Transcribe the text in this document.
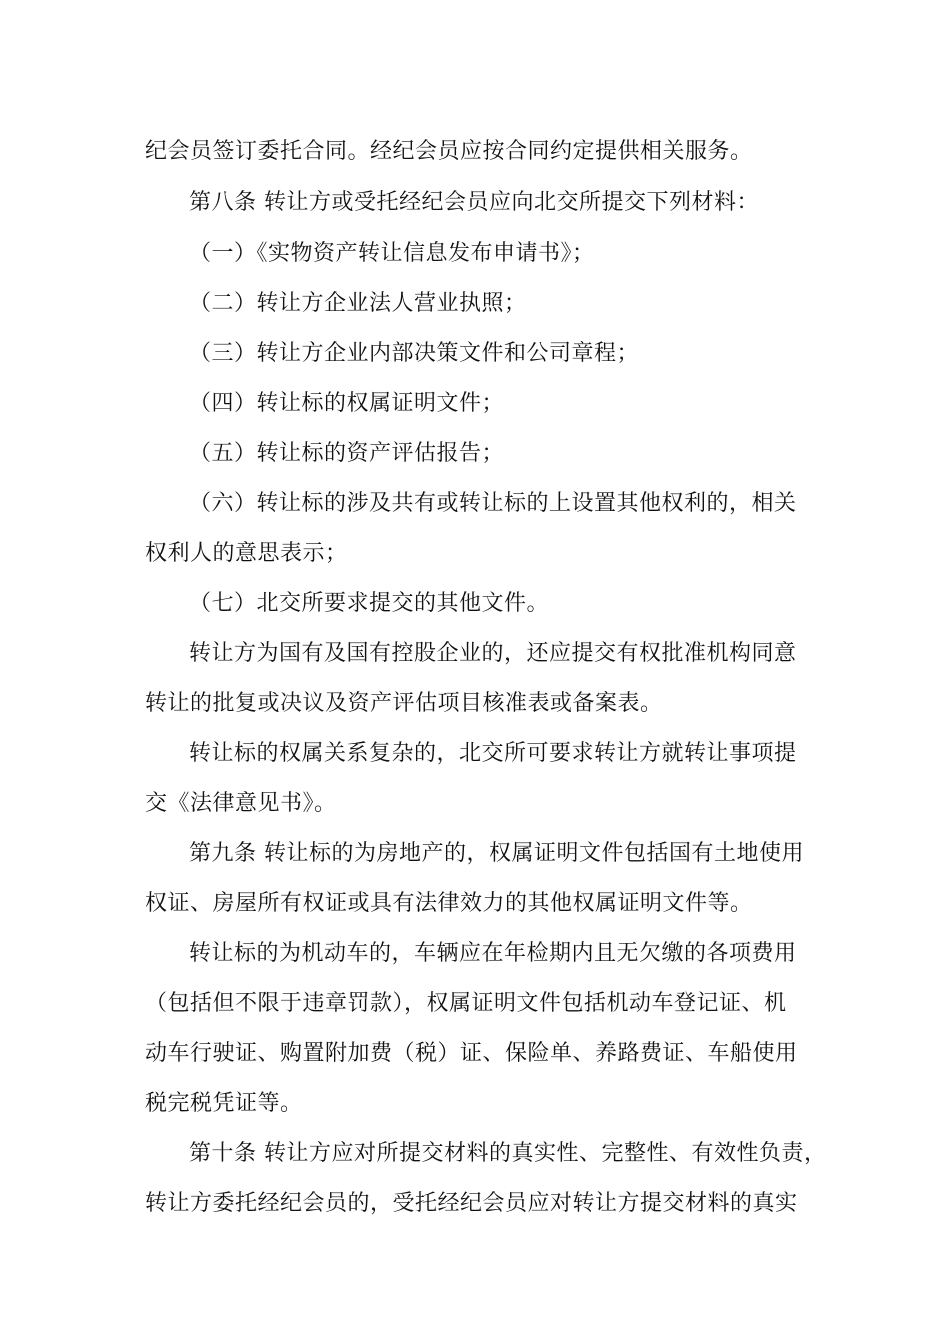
纪会员签订委托合同。经纪会员应按合同约定提供相关服务。
第八条 转让方或受托经纪会员应向北交所提交下列材料：
（一）《实物资产转让信息发布申请书》；
（二）转让方企业法人营业执照；
（三）转让方企业内部决策文件和公司章程；
（四）转让标的权属证明文件；
（五）转让标的资产评估报告；
（六）转让标的涉及共有或转让标的上设置其他权利的，相关
权利人的意思表示；
（七）北交所要求提交的其他文件。
转让方为国有及国有控股企业的，还应提交有权批准机构同意
转让的批复或决议及资产评估项目核准表或备案表。
转让标的权属关系复杂的，北交所可要求转让方就转让事项提
交《法律意见书》。
第九条 转让标的为房地产的，权属证明文件包括国有土地使用
权证、房屋所有权证或具有法律效力的其他权属证明文件等。
转让标的为机动车的，车辆应在年检期内且无欠缴的各项费用
（包括但不限于违章罚款），权属证明文件包括机动车登记证、机
动车行驶证、购置附加费（税）证、保险单、养路费证、车船使用
税完税凭证等。
第十条 转让方应对所提交材料的真实性、完整性、有效性负责，
转让方委托经纪会员的，受托经纪会员应对转让方提交材料的真实
